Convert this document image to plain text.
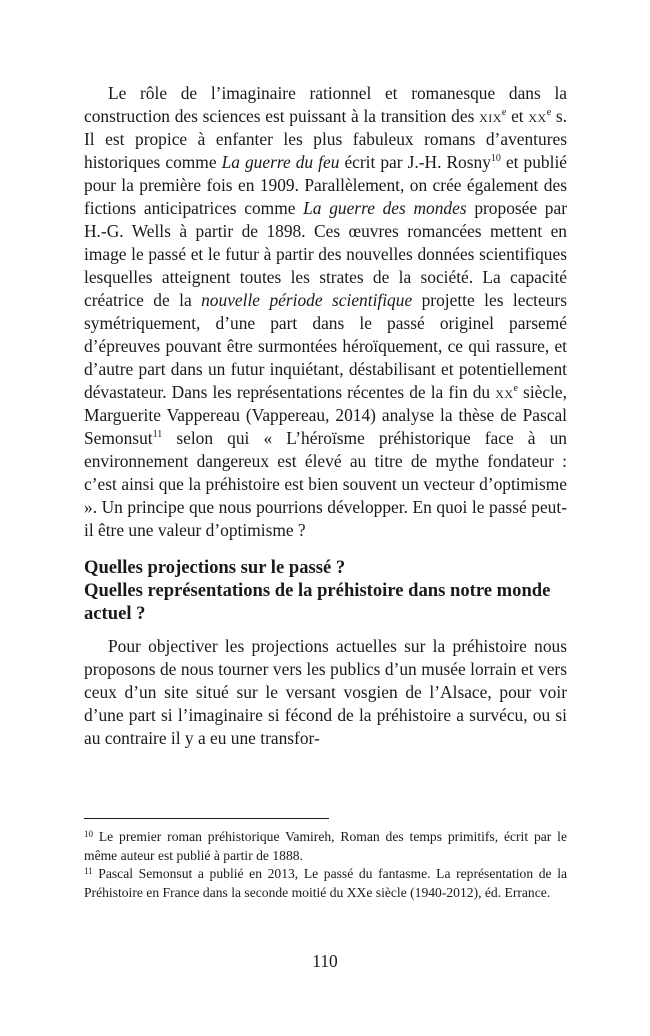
Le rôle de l’imaginaire rationnel et romanesque dans la construction des sciences est puissant à la transition des xix$^e$ et $xx^e$ s. Il est propice à enfanter les plus fabuleux romans d’aventures historiques comme La guerre du feu écrit par J.-H. Rosny$^{10}$ et publié pour la première fois en 1909. Parallèlement, on crée également des fictions anticipatrices comme La guerre des mondes proposée par H.-G. Wells à partir de 1898. Ces œuvres romancées mettent en image le passé et le futur à partir des nouvelles données scientifiques lesquelles atteignent toutes les strates de la société. La capacité créatrice de la nouvelle période scientifique projette les lecteurs symétriquement, d’une part dans le passé originel parsemé d’épreuves pouvant être surmontées héroïquement, ce qui rassure, et d’autre part dans un futur inquiétant, déstabilisant et potentiellement dévastateur. Dans les représentations récentes de la fin du $xx^e$ siècle, Marguerite Vappereau (Vappereau, 2014) analyse la thèse de Pascal Semonsut$^{11}$ selon qui « L’héroïsme préhistorique face à un environnement dangereux est élevé au titre de mythe fondateur : c’est ainsi que la préhistoire est bien souvent un vecteur d’optimisme ». Un principe que nous pourrions développer. En quoi le passé peut-il être une valeur d’optimisme ?

Quelles projections sur le passé ?
Quelles représentations de la préhistoire dans notre monde actuel ?

Pour objectiver les projections actuelles sur la préhistoire nous proposons de nous tourner vers les publics d’un musée lorrain et vers ceux d’un site situé sur le versant vosgien de l’Alsace, pour voir d’une part si l’imaginaire si fécond de la préhistoire a survécu, ou si au contraire il y a eu une transfor-

$^{10}$ Le premier roman préhistorique Vamireh, Roman des temps primitifs, écrit par le même auteur est publié à partir de 1888.

$^{11}$ Pascal Semonsut a publié en 2013, Le passé du fantasme. La représentation de la Préhistoire en France dans la seconde moitié du XXe siècle (1940-2012), éd. Errance.

110
